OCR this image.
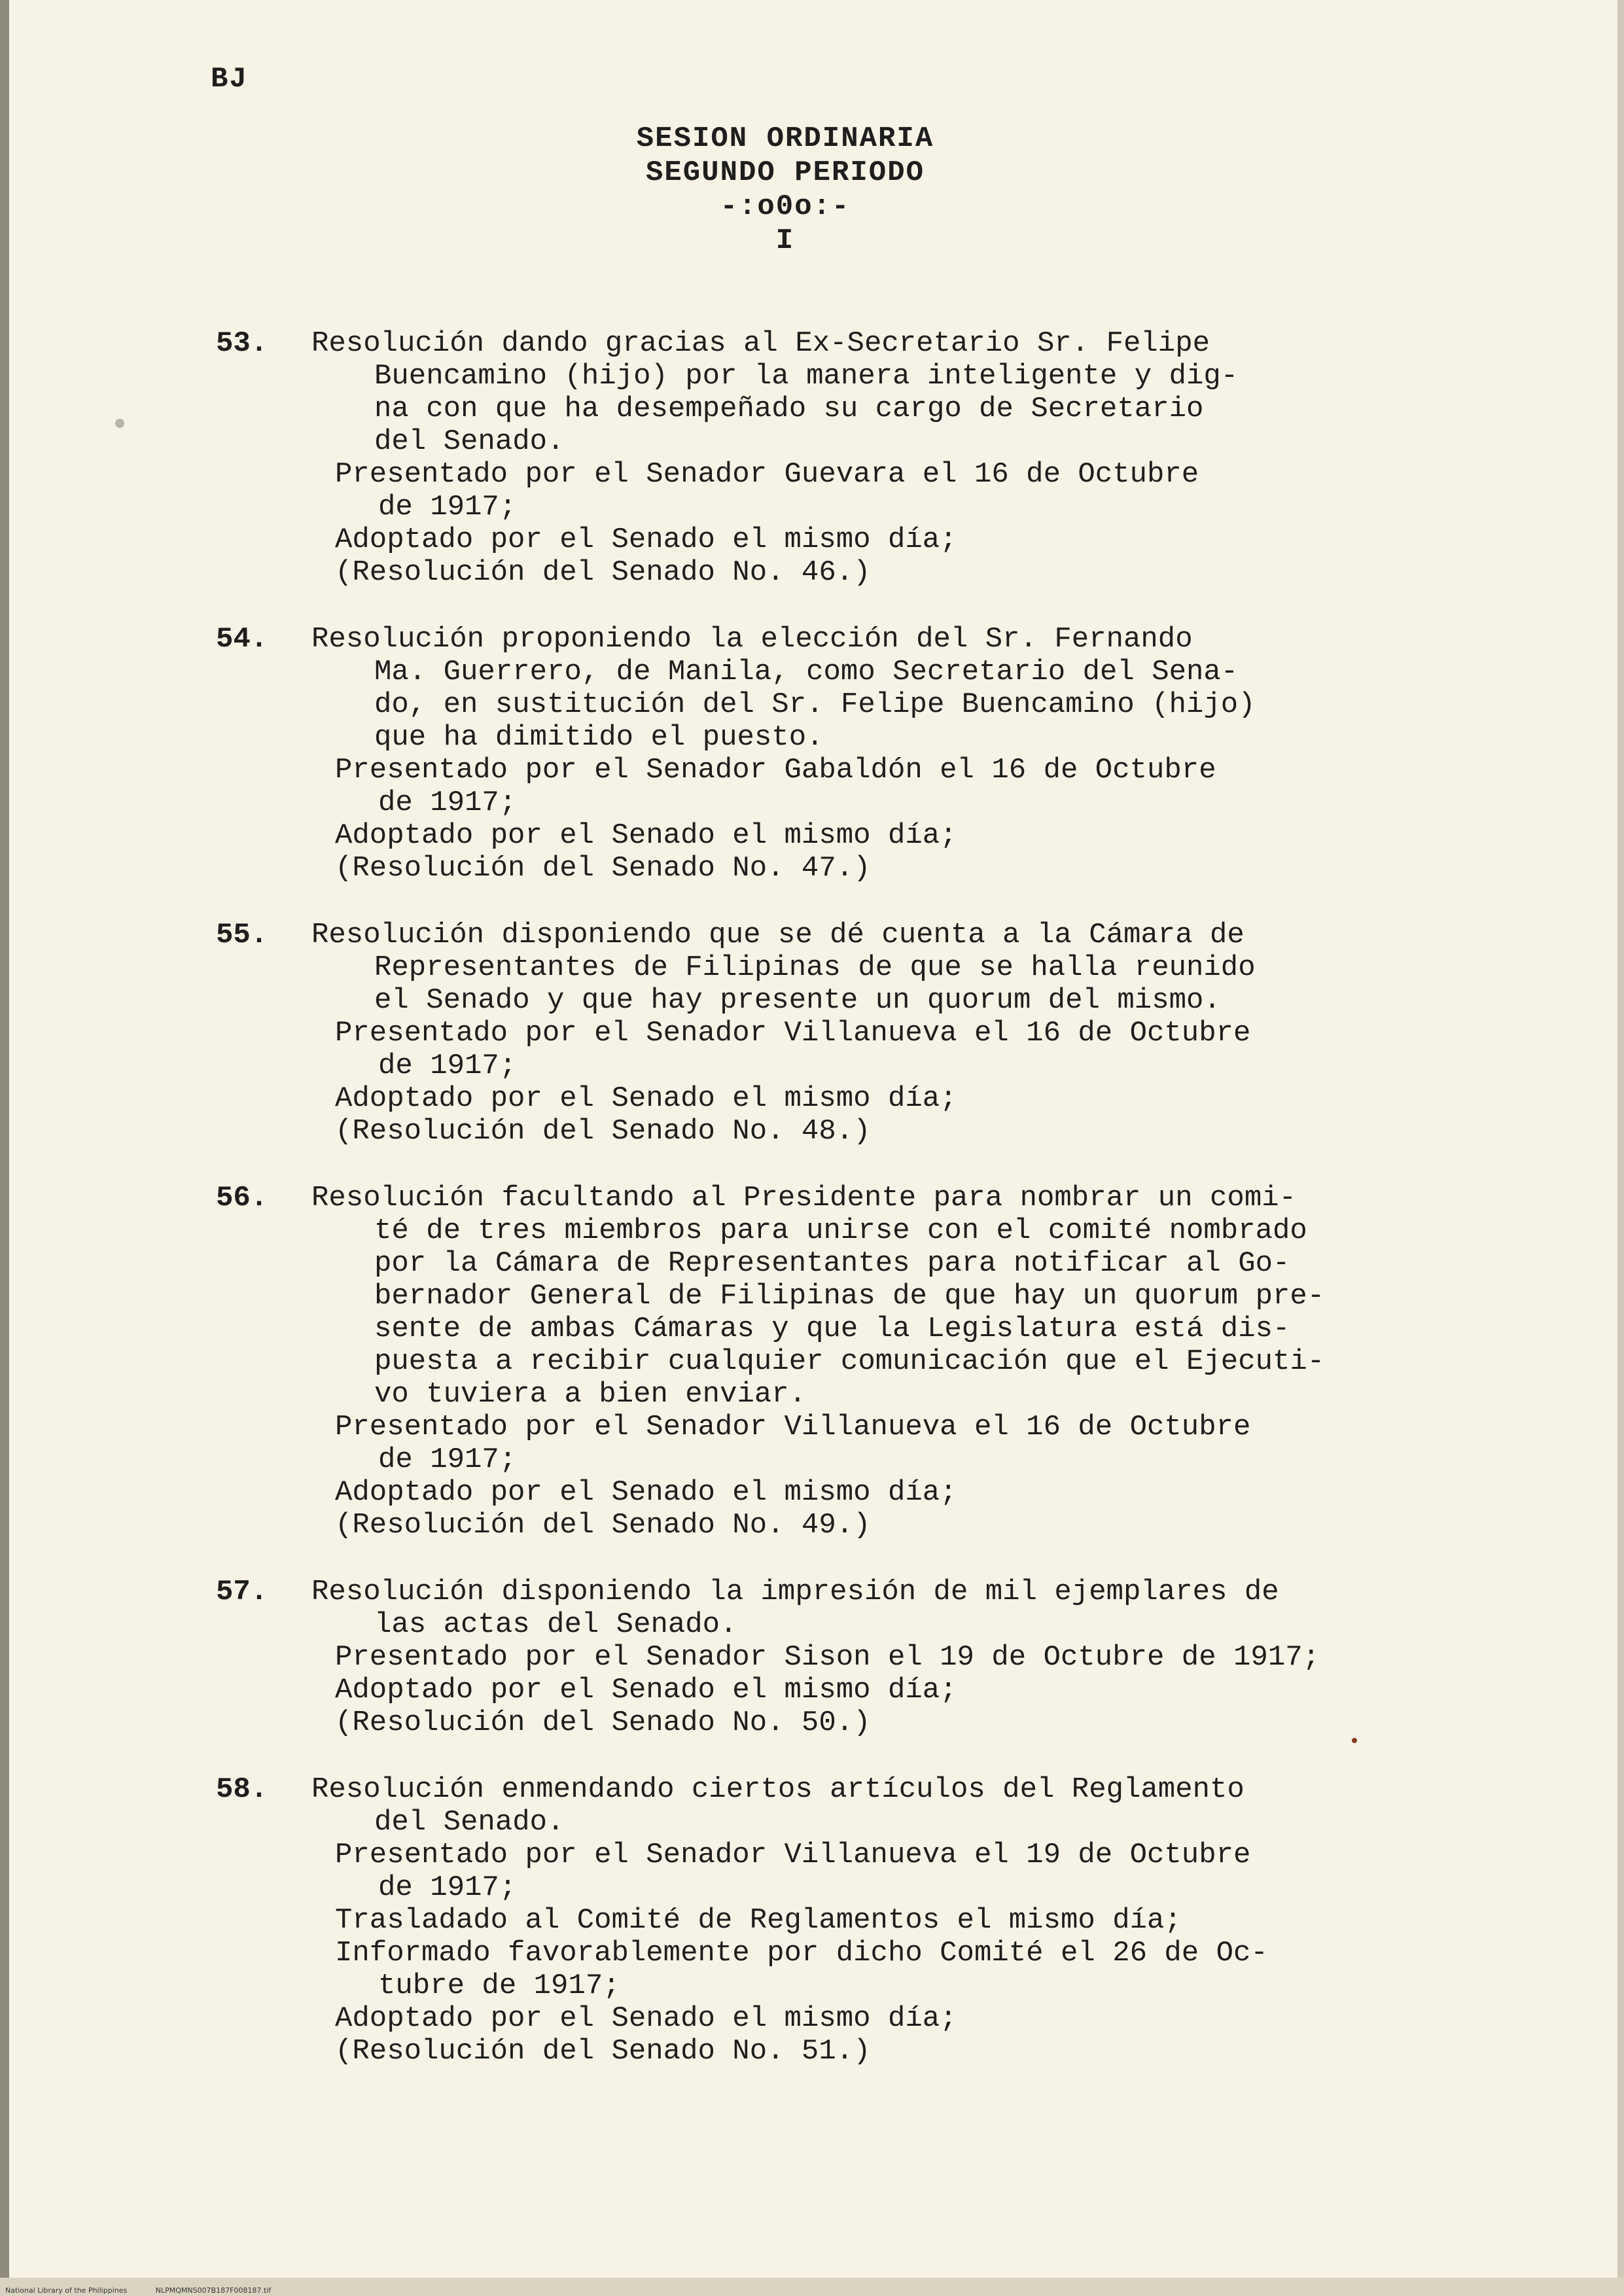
BJ
SESION ORDINARIA
SEGUNDO PERIODO
-:o0o:-
I
53. Resolución dando gracias al Ex-Secretario Sr. Felipe
Buencamino (hijo) por la manera inteligente y dig-
na con que ha desempeñado su cargo de Secretario
del Senado.
Presentado por el Senador Guevara el 16 de Octubre
de 1917;
Adoptado por el Senado el mismo día;
(Resolución del Senado No. 46.)
54. Resolución proponiendo la elección del Sr. Fernando
Ma. Guerrero, de Manila, como Secretario del Sena-
do, en sustitución del Sr. Felipe Buencamino (hijo)
que ha dimitido el puesto.
Presentado por el Senador Gabaldón el 16 de Octubre
de 1917;
Adoptado por el Senado el mismo día;
(Resolución del Senado No. 47.)
55. Resolución disponiendo que se dé cuenta a la Cámara de
Representantes de Filipinas de que se halla reunido
el Senado y que hay presente un quorum del mismo.
Presentado por el Senador Villanueva el 16 de Octubre
de 1917;
Adoptado por el Senado el mismo día;
(Resolución del Senado No. 48.)
56. Resolución facultando al Presidente para nombrar un comi-
té de tres miembros para unirse con el comité nombrado
por la Cámara de Representantes para notificar al Go-
bernador General de Filipinas de que hay un quorum pre-
sente de ambas Cámaras y que la Legislatura está dis-
puesta a recibir cualquier comunicación que el Ejecuti-
vo tuviera a bien enviar.
Presentado por el Senador Villanueva el 16 de Octubre
de 1917;
Adoptado por el Senado el mismo día;
(Resolución del Senado No. 49.)
57. Resolución disponiendo la impresión de mil ejemplares de
las actas del Senado.
Presentado por el Senador Sison el 19 de Octubre de 1917;
Adoptado por el Senado el mismo día;
(Resolución del Senado No. 50.)
58. Resolución enmendando ciertos artículos del Reglamento
del Senado.
Presentado por el Senador Villanueva el 19 de Octubre
de 1917;
Trasladado al Comité de Reglamentos el mismo día;
Informado favorablemente por dicho Comité el 26 de Oc-
tubre de 1917;
Adoptado por el Senado el mismo día;
(Resolución del Senado No. 51.)
National Library of the Philippines	NLPMQMNS007B187F008187.tif
